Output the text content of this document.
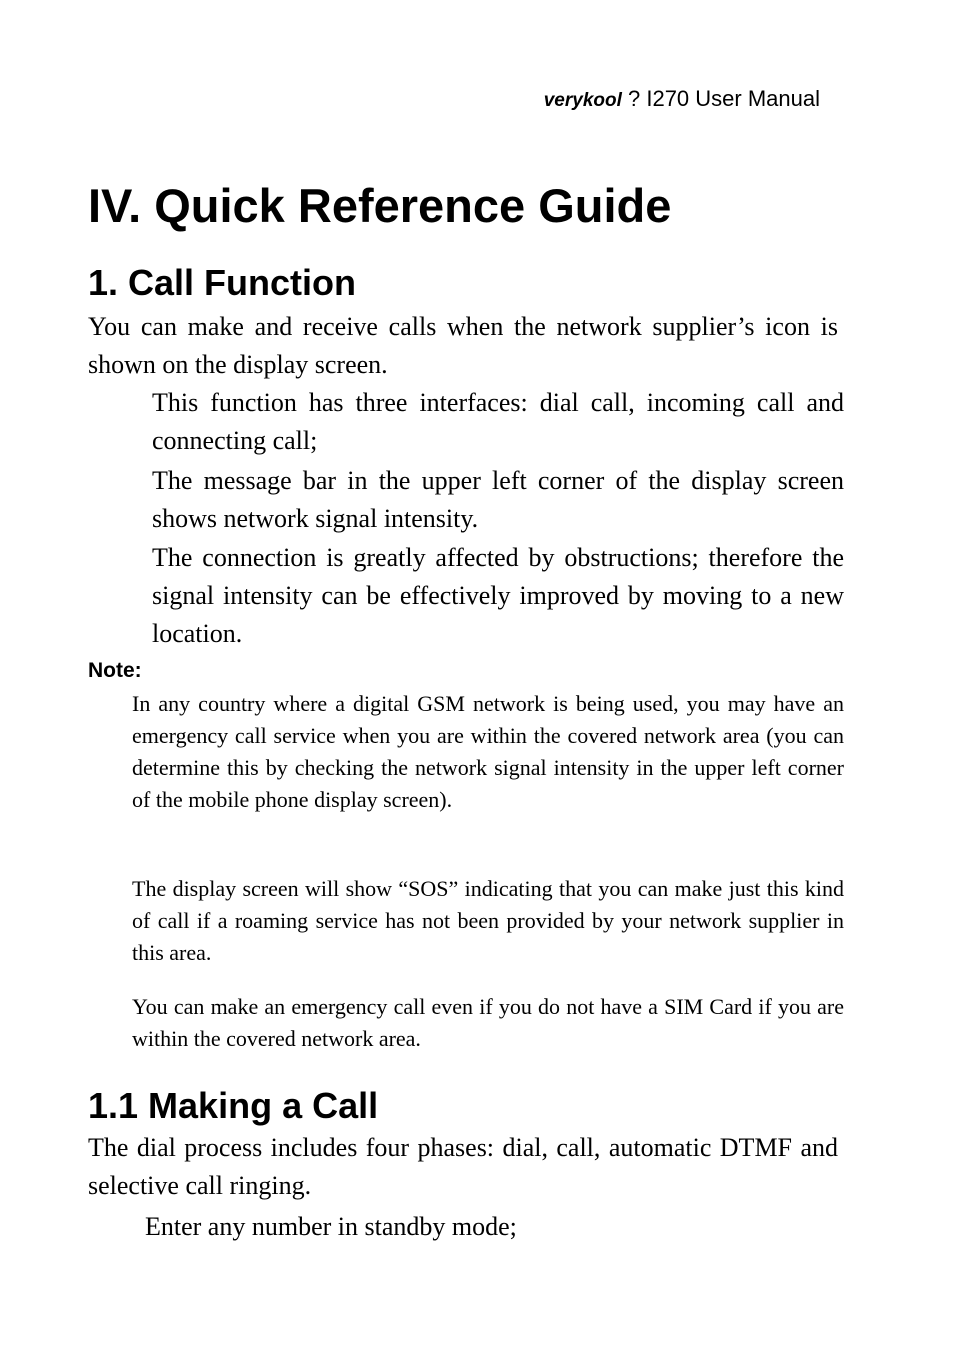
verykool ? I270 User Manual
IV. Quick Reference Guide
1. Call Function

You can make and receive calls when the network supplier’s icon is shown on the display screen.

This function has three interfaces: dial call, incoming call and connecting call;

The message bar in the upper left corner of the display screen shows network signal intensity.

The connection is greatly affected by obstructions; therefore the signal intensity can be effectively improved by moving to a new location.

Note:

In any country where a digital GSM network is being used, you may have an emergency call service when you are within the covered network area (you can determine this by checking the network signal intensity in the upper left corner of the mobile phone display screen).

The display screen will show “SOS” indicating that you can make just this kind of call if a roaming service has not been provided by your network supplier in this area.

You can make an emergency call even if you do not have a SIM Card if you are within the covered network area.

1.1 Making a Call

The dial process includes four phases: dial, call, automatic DTMF and selective call ringing.

Enter any number in standby mode;
